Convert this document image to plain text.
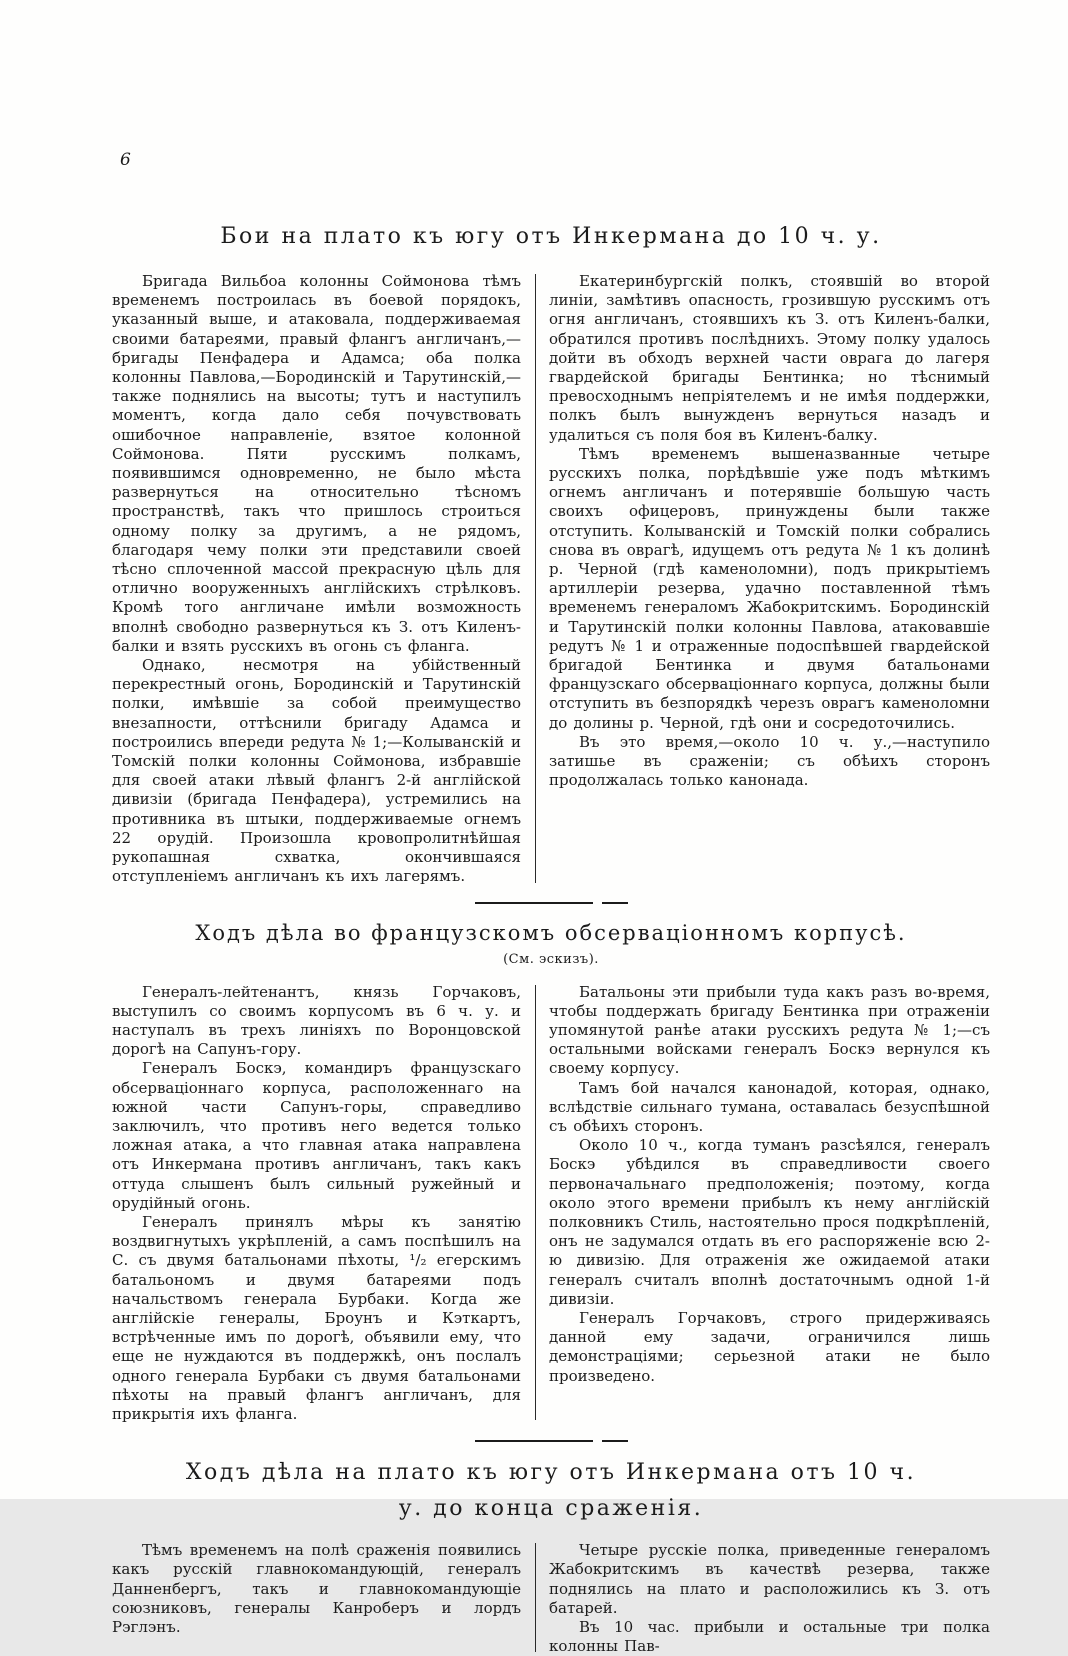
6
Бои на плато къ югу отъ Инкермана до 10 ч. у.

Бригада Вильбоа колонны Соймонова тѣмъ временемъ построилась въ боевой порядокъ, указанный выше, и атаковала, поддерживаемая своими батареями, правый флангъ англичанъ,—бригады Пенфадера и Адамса; оба полка колонны Павлова,—Бородинскій и Тарутинскій,—также поднялись на высоты; тутъ и наступилъ моментъ, когда дало себя почувствовать ошибочное направленіе, взятое колонной Соймонова. Пяти русскимъ полкамъ, появившимся одновременно, не было мѣста развернуться на относительно тѣсномъ пространствѣ, такъ что пришлось строиться одному полку за другимъ, а не рядомъ, благодаря чему полки эти представили своей тѣсно сплоченной массой прекрасную цѣль для отлично вооруженныхъ англійскихъ стрѣлковъ. Кромѣ того англичане имѣли возможность вполнѣ свободно развернуться къ З. отъ Киленъ-балки и взять русскихъ въ огонь съ фланга.

Однако, несмотря на убійственный перекрестный огонь, Бородинскій и Тарутинскій полки, имѣвшіе за собой преимущество внезапности, оттѣснили бригаду Адамса и построились впереди редута № 1;—Колыванскій и Томскій полки колонны Соймонова, избравшіе для своей атаки лѣвый флангъ 2-й англійской дивизіи (бригада Пенфадера), устремились на противника въ штыки, поддерживаемые огнемъ 22 орудій. Произошла кровопролитнѣйшая рукопашная схватка, окончившаяся отступленіемъ англичанъ къ ихъ лагерямъ.

Екатеринбургскій полкъ, стоявшій во второй линіи, замѣтивъ опасность, грозившую русскимъ отъ огня англичанъ, стоявшихъ къ З. отъ Киленъ-балки, обратился противъ послѣднихъ. Этому полку удалось дойти въ обходъ верхней части оврага до лагеря гвардейской бригады Бентинка; но тѣснимый превосходнымъ непріятелемъ и не имѣя поддержки, полкъ былъ вынужденъ вернуться назадъ и удалиться съ поля боя въ Киленъ-балку.

Тѣмъ временемъ вышеназванные четыре русскихъ полка, порѣдѣвшіе уже подъ мѣткимъ огнемъ англичанъ и потерявшіе большую часть своихъ офицеровъ, принуждены были также отступить. Колыванскій и Томскій полки собрались снова въ оврагѣ, идущемъ отъ редута № 1 къ долинѣ р. Черной (гдѣ каменоломни), подъ прикрытіемъ артиллеріи резерва, удачно поставленной тѣмъ временемъ генераломъ Жабокритскимъ. Бородинскій и Тарутинскій полки колонны Павлова, атаковавшіе редутъ № 1 и отраженные подоспѣвшей гвардейской бригадой Бентинка и двумя батальонами французскаго обсерваціоннаго корпуса, должны были отступить въ безпорядкѣ черезъ оврагъ каменоломни до долины р. Черной, гдѣ они и сосредоточились.

Въ это время,—около 10 ч. у.,—наступило затишье въ сраженіи; съ обѣихъ сторонъ продолжалась только канонада.

Ходъ дѣла во французскомъ обсерваціонномъ корпусѣ.

(См. эскизъ).

Генералъ-лейтенантъ, князь Горчаковъ, выступилъ со своимъ корпусомъ въ 6 ч. у. и наступалъ въ трехъ линіяхъ по Воронцовской дорогѣ на Сапунъ-гору.

Генералъ Боскэ, командиръ французскаго обсерваціоннаго корпуса, расположеннаго на южной части Сапунъ-горы, справедливо заключилъ, что противъ него ведется только ложная атака, а что главная атака направлена отъ Инкермана противъ англичанъ, такъ какъ оттуда слышенъ былъ сильный ружейный и орудійный огонь.

Генералъ принялъ мѣры къ занятію воздвигнутыхъ укрѣпленій, а самъ поспѣшилъ на С. съ двумя батальонами пѣхоты, ¹/₂ егерскимъ батальономъ и двумя батареями подъ начальствомъ генерала Бурбаки. Когда же англійскіе генералы, Броунъ и Кэткартъ, встрѣченные имъ по дорогѣ, объявили ему, что еще не нуждаются въ поддержкѣ, онъ послалъ одного генерала Бурбаки съ двумя батальонами пѣхоты на правый флангъ англичанъ, для прикрытія ихъ фланга.

Батальоны эти прибыли туда какъ разъ во-время, чтобы поддержать бригаду Бентинка при отраженіи упомянутой ранѣе атаки русскихъ редута № 1;—съ остальными войсками генералъ Боскэ вернулся къ своему корпусу.

Тамъ бой начался канонадой, которая, однако, вслѣдствіе сильнаго тумана, оставалась безуспѣшной съ обѣихъ сторонъ.

Около 10 ч., когда туманъ разсѣялся, генералъ Боскэ убѣдился въ справедливости своего первоначальнаго предположенія; поэтому, когда около этого времени прибылъ къ нему англійскій полковникъ Стиль, настоятельно прося подкрѣпленій, онъ не задумался отдать въ его распоряженіе всю 2-ю дивизію. Для отраженія же ожидаемой атаки генералъ считалъ вполнѣ достаточнымъ одной 1-й дивизіи.

Генералъ Горчаковъ, строго придерживаясь данной ему задачи, ограничился лишь демонстраціями; серьезной атаки не было произведено.

Ходъ дѣла на плато къ югу отъ Инкермана отъ 10 ч. у. до конца сраженія.

Тѣмъ временемъ на полѣ сраженія появились какъ русскій главнокомандующій, генералъ Данненбергъ, такъ и главнокомандующіе союзниковъ, генералы Канроберъ и лордъ Рэглэнъ.

Четыре русскіе полка, приведенные генераломъ Жабокритскимъ въ качествѣ резерва, также поднялись на плато и расположились къ З. отъ батарей.

Въ 10 час. прибыли и остальные три полка колонны Пав-
